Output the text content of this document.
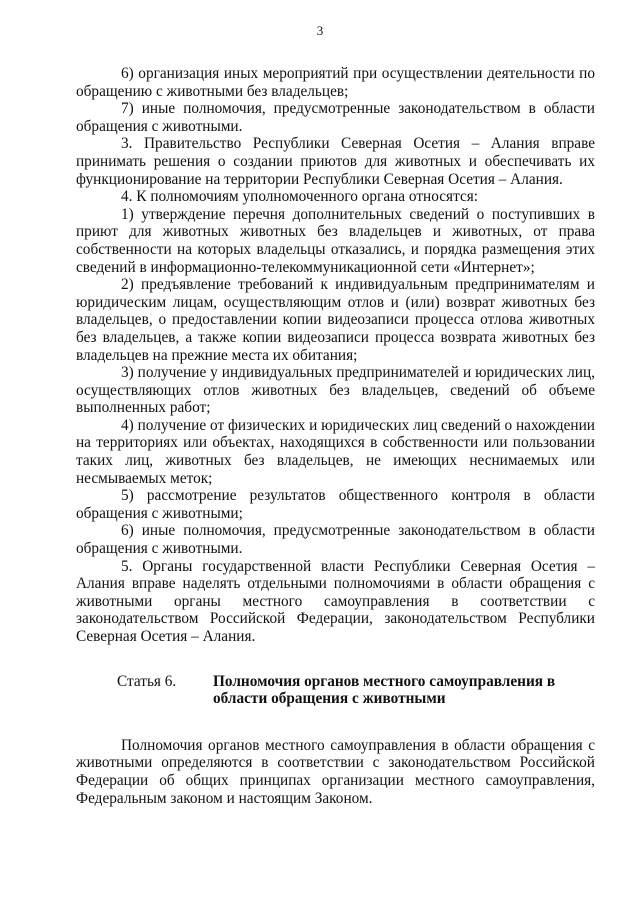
3

6) организация иных мероприятий при осуществлении деятельности по обращению с животными без владельцев;

7) иные полномочия, предусмотренные законодательством в области обращения с животными.

3. Правительство Республики Северная Осетия – Алания вправе принимать решения о создании приютов для животных и обеспечивать их функционирование на территории Республики Северная Осетия – Алания.

4. К полномочиям уполномоченного органа относятся:

1) утверждение перечня дополнительных сведений о поступивших в приют для животных животных без владельцев и животных, от права собственности на которых владельцы отказались, и порядка размещения этих сведений в информационно-телекоммуникационной сети «Интернет»;

2) предъявление требований к индивидуальным предпринимателям и юридическим лицам, осуществляющим отлов и (или) возврат животных без владельцев, о предоставлении копии видеозаписи процесса отлова животных без владельцев, а также копии видеозаписи процесса возврата животных без владельцев на прежние места их обитания;

3) получение у индивидуальных предпринимателей и юридических лиц, осуществляющих отлов животных без владельцев, сведений об объеме выполненных работ;

4) получение от физических и юридических лиц сведений о нахождении на территориях или объектах, находящихся в собственности или пользовании таких лиц, животных без владельцев, не имеющих неснимаемых или несмываемых меток;

5) рассмотрение результатов общественного контроля в области обращения с животными;

6) иные полномочия, предусмотренные законодательством в области обращения с животными.

5. Органы государственной власти Республики Северная Осетия – Алания вправе наделять отдельными полномочиями в области обращения с животными органы местного самоуправления в соответствии с законодательством Российской Федерации, законодательством Республики Северная Осетия – Алания.

Статья 6.	Полномочия органов местного самоуправления в области обращения с животными

Полномочия органов местного самоуправления в области обращения с животными определяются в соответствии с законодательством Российской Федерации об общих принципах организации местного самоуправления, Федеральным законом и настоящим Законом.
